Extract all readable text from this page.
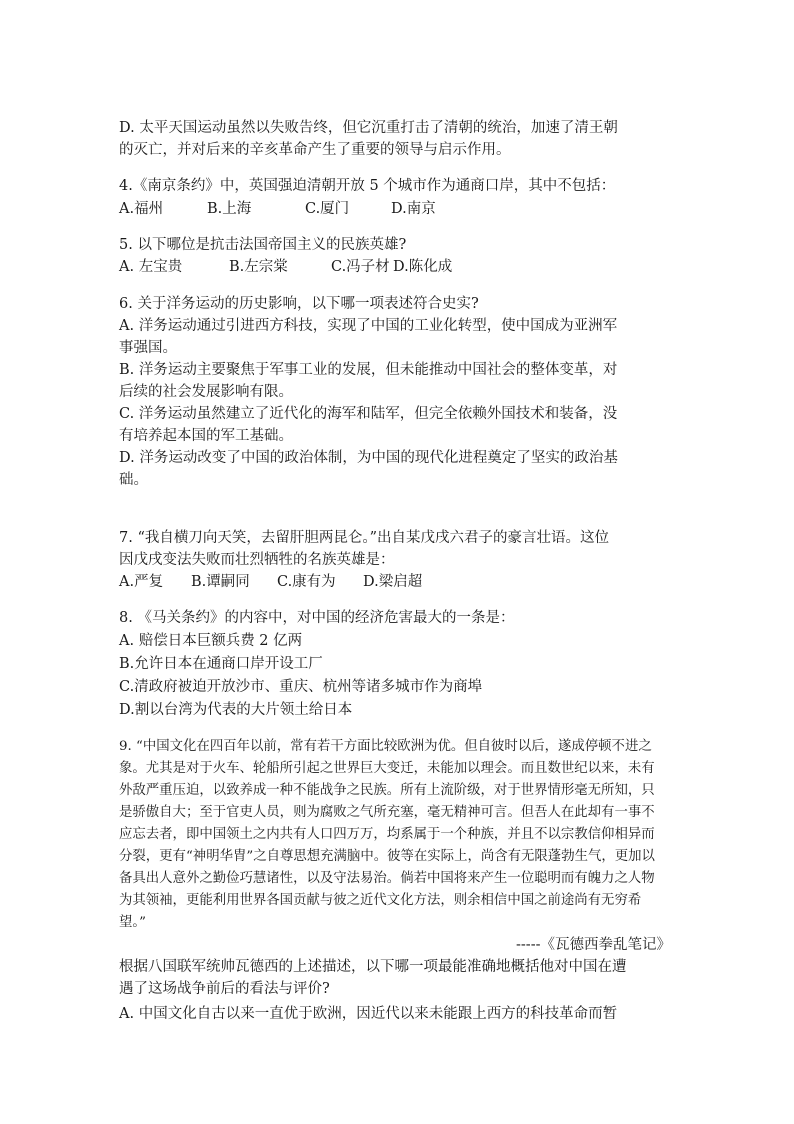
D. 太平天国运动虽然以失败告终，但它沉重打击了清朝的统治，加速了清王朝
的灭亡，并对后来的辛亥革命产生了重要的领导与启示作用。
4.《南京条约》中，英国强迫清朝开放 5 个城市作为通商口岸，其中不包括：
A.福州	B.上海	C.厦门	D.南京
5. 以下哪位是抗击法国帝国主义的民族英雄?
A. 左宝贵	B.左宗棠	C.冯子材 D.陈化成
6. 关于洋务运动的历史影响，以下哪一项表述符合史实?
A. 洋务运动通过引进西方科技，实现了中国的工业化转型，使中国成为亚洲军
事强国。
B. 洋务运动主要聚焦于军事工业的发展，但未能推动中国社会的整体变革，对
后续的社会发展影响有限。
C. 洋务运动虽然建立了近代化的海军和陆军，但完全依赖外国技术和装备，没
有培养起本国的军工基础。
D. 洋务运动改变了中国的政治体制，为中国的现代化进程奠定了坚实的政治基
础。
7. “我自横刀向天笑，去留肝胆两昆仑。”出自某戊戌六君子的豪言壮语。这位
因戊戌变法失败而壮烈牺牲的名族英雄是：
A.严复	B.谭嗣同	C.康有为	D.梁启超
8. 《马关条约》的内容中，对中国的经济危害最大的一条是：
A. 赔偿日本巨额兵费 2 亿两
B.允许日本在通商口岸开设工厂
C.清政府被迫开放沙市、重庆、杭州等诸多城市作为商埠
D.割以台湾为代表的大片领土给日本
9. “中国文化在四百年以前，常有若干方面比较欧洲为优。但自彼时以后，遂成停顿不进之
象。尤其是对于火车、轮船所引起之世界巨大变迁，未能加以理会。而且数世纪以来，未有
外敌严重压迫，以致养成一种不能战争之民族。所有上流阶级，对于世界情形毫无所知，只
是骄傲自大；至于官吏人员，则为腐败之气所充塞，毫无精神可言。但吾人在此却有一事不
应忘去者，即中国领土之内共有人口四万万，均系属于一个种族，并且不以宗教信仰相异而
分裂，更有“神明华胄”之自尊思想充满脑中。彼等在实际上，尚含有无限蓬勃生气，更加以
备具出人意外之勤俭巧慧诸性，以及守法易治。倘若中国将来产生一位聪明而有魄力之人物
为其领袖，更能利用世界各国贡献与彼之近代文化方法，则余相信中国之前途尚有无穷希
望。”
-----《瓦德西拳乱笔记》
根据八国联军统帅瓦德西的上述描述，以下哪一项最能准确地概括他对中国在遭
遇了这场战争前后的看法与评价?
A. 中国文化自古以来一直优于欧洲，因近代以来未能跟上西方的科技革命而暂
